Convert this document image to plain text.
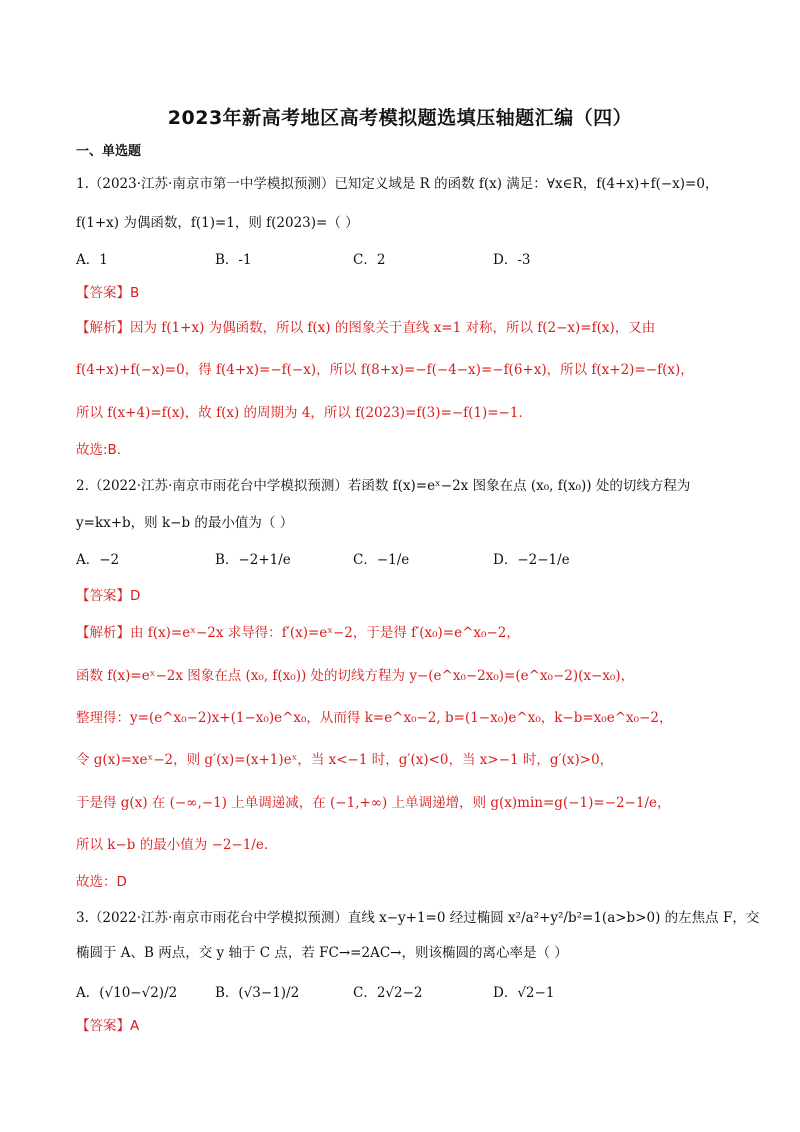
2023年新高考地区高考模拟题选填压轴题汇编（四）
一、单选题
1.（2023·江苏·南京市第一中学模拟预测）已知定义域是 R 的函数 f(x) 满足：∀x∈R，f(4+x)+f(−x)=0，
f(1+x) 为偶函数，f(1)=1，则 f(2023)=（ ）
A．1	B．-1	C．2	D．-3
【答案】B
【解析】因为 f(1+x) 为偶函数，所以 f(x) 的图象关于直线 x=1 对称，所以 f(2−x)=f(x)，又由
f(4+x)+f(−x)=0，得 f(4+x)=−f(−x)，所以 f(8+x)=−f(−4−x)=−f(6+x)，所以 f(x+2)=−f(x)，
所以 f(x+4)=f(x)，故 f(x) 的周期为 4，所以 f(2023)=f(3)=−f(1)=−1．
故选:B．
2.（2022·江苏·南京市雨花台中学模拟预测）若函数 f(x)=eˣ−2x 图象在点 (x₀, f(x₀)) 处的切线方程为
y=kx+b，则 k−b 的最小值为（ ）
A．−2	B．−2+1/e	C．−1/e	D．−2−1/e
【答案】D
【解析】由 f(x)=eˣ−2x 求导得：f′(x)=eˣ−2，于是得 f′(x₀)=e^x₀−2，
函数 f(x)=eˣ−2x 图象在点 (x₀, f(x₀)) 处的切线方程为 y−(e^x₀−2x₀)=(e^x₀−2)(x−x₀)，
整理得：y=(e^x₀−2)x+(1−x₀)e^x₀，从而得 k=e^x₀−2, b=(1−x₀)e^x₀，k−b=x₀e^x₀−2，
令 g(x)=xeˣ−2，则 g′(x)=(x+1)eˣ，当 x<−1 时，g′(x)<0，当 x>−1 时，g′(x)>0，
于是得 g(x) 在 (−∞,−1) 上单调递减，在 (−1,+∞) 上单调递增，则 g(x)min=g(−1)=−2−1/e，
所以 k−b 的最小值为 −2−1/e．
故选：D
3.（2022·江苏·南京市雨花台中学模拟预测）直线 x−y+1=0 经过椭圆 x²/a²+y²/b²=1(a>b>0) 的左焦点 F，交
椭圆于 A、B 两点，交 y 轴于 C 点，若 FC→=2AC→，则该椭圆的离心率是（ ）
A．(√10−√2)/2	B．(√3−1)/2	C．2√2−2	D．√2−1
【答案】A
